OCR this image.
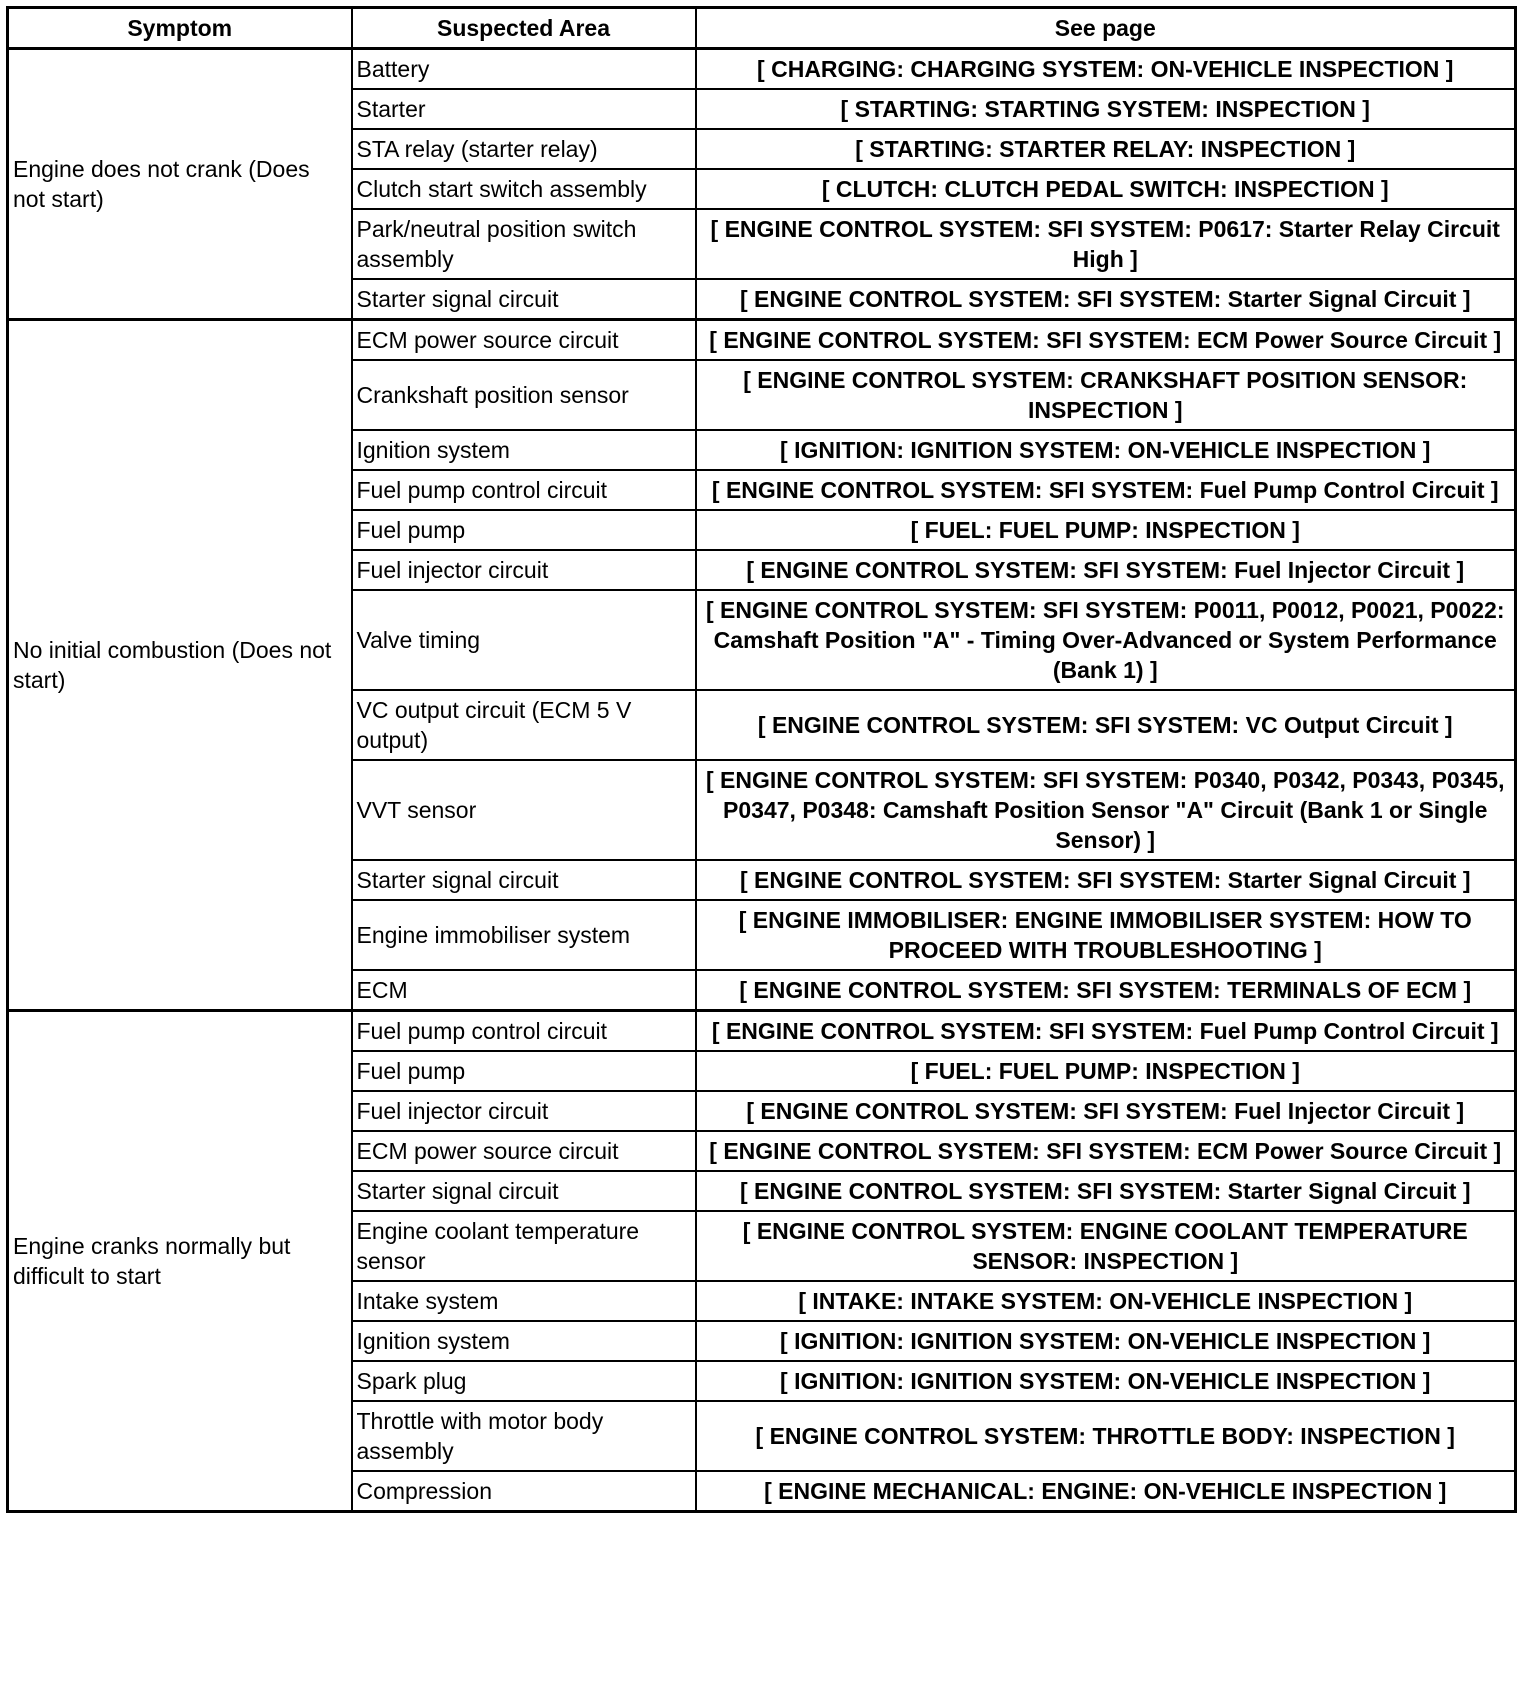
Symptom	Suspected Area	See page
Engine does not crank (Does not start)	Battery	[ CHARGING: CHARGING SYSTEM: ON-VEHICLE INSPECTION ]
	Starter	[ STARTING: STARTING SYSTEM: INSPECTION ]
	STA relay (starter relay)	[ STARTING: STARTER RELAY: INSPECTION ]
	Clutch start switch assembly	[ CLUTCH: CLUTCH PEDAL SWITCH: INSPECTION ]
	Park/neutral position switch assembly	[ ENGINE CONTROL SYSTEM: SFI SYSTEM: P0617: Starter Relay Circuit High ]
	Starter signal circuit	[ ENGINE CONTROL SYSTEM: SFI SYSTEM: Starter Signal Circuit ]
No initial combustion (Does not start)	ECM power source circuit	[ ENGINE CONTROL SYSTEM: SFI SYSTEM: ECM Power Source Circuit ]
	Crankshaft position sensor	[ ENGINE CONTROL SYSTEM: CRANKSHAFT POSITION SENSOR: INSPECTION ]
	Ignition system	[ IGNITION: IGNITION SYSTEM: ON-VEHICLE INSPECTION ]
	Fuel pump control circuit	[ ENGINE CONTROL SYSTEM: SFI SYSTEM: Fuel Pump Control Circuit ]
	Fuel pump	[ FUEL: FUEL PUMP: INSPECTION ]
	Fuel injector circuit	[ ENGINE CONTROL SYSTEM: SFI SYSTEM: Fuel Injector Circuit ]
	Valve timing	[ ENGINE CONTROL SYSTEM: SFI SYSTEM: P0011, P0012, P0021, P0022: Camshaft Position "A" - Timing Over-Advanced or System Performance (Bank 1) ]
	VC output circuit (ECM 5 V output)	[ ENGINE CONTROL SYSTEM: SFI SYSTEM: VC Output Circuit ]
	VVT sensor	[ ENGINE CONTROL SYSTEM: SFI SYSTEM: P0340, P0342, P0343, P0345, P0347, P0348: Camshaft Position Sensor "A" Circuit (Bank 1 or Single Sensor) ]
	Starter signal circuit	[ ENGINE CONTROL SYSTEM: SFI SYSTEM: Starter Signal Circuit ]
	Engine immobiliser system	[ ENGINE IMMOBILISER: ENGINE IMMOBILISER SYSTEM: HOW TO PROCEED WITH TROUBLESHOOTING ]
	ECM	[ ENGINE CONTROL SYSTEM: SFI SYSTEM: TERMINALS OF ECM ]
Engine cranks normally but difficult to start	Fuel pump control circuit	[ ENGINE CONTROL SYSTEM: SFI SYSTEM: Fuel Pump Control Circuit ]
	Fuel pump	[ FUEL: FUEL PUMP: INSPECTION ]
	Fuel injector circuit	[ ENGINE CONTROL SYSTEM: SFI SYSTEM: Fuel Injector Circuit ]
	ECM power source circuit	[ ENGINE CONTROL SYSTEM: SFI SYSTEM: ECM Power Source Circuit ]
	Starter signal circuit	[ ENGINE CONTROL SYSTEM: SFI SYSTEM: Starter Signal Circuit ]
	Engine coolant temperature sensor	[ ENGINE CONTROL SYSTEM: ENGINE COOLANT TEMPERATURE SENSOR: INSPECTION ]
	Intake system	[ INTAKE: INTAKE SYSTEM: ON-VEHICLE INSPECTION ]
	Ignition system	[ IGNITION: IGNITION SYSTEM: ON-VEHICLE INSPECTION ]
	Spark plug	[ IGNITION: IGNITION SYSTEM: ON-VEHICLE INSPECTION ]
	Throttle with motor body assembly	[ ENGINE CONTROL SYSTEM: THROTTLE BODY: INSPECTION ]
	Compression	[ ENGINE MECHANICAL: ENGINE: ON-VEHICLE INSPECTION ]
